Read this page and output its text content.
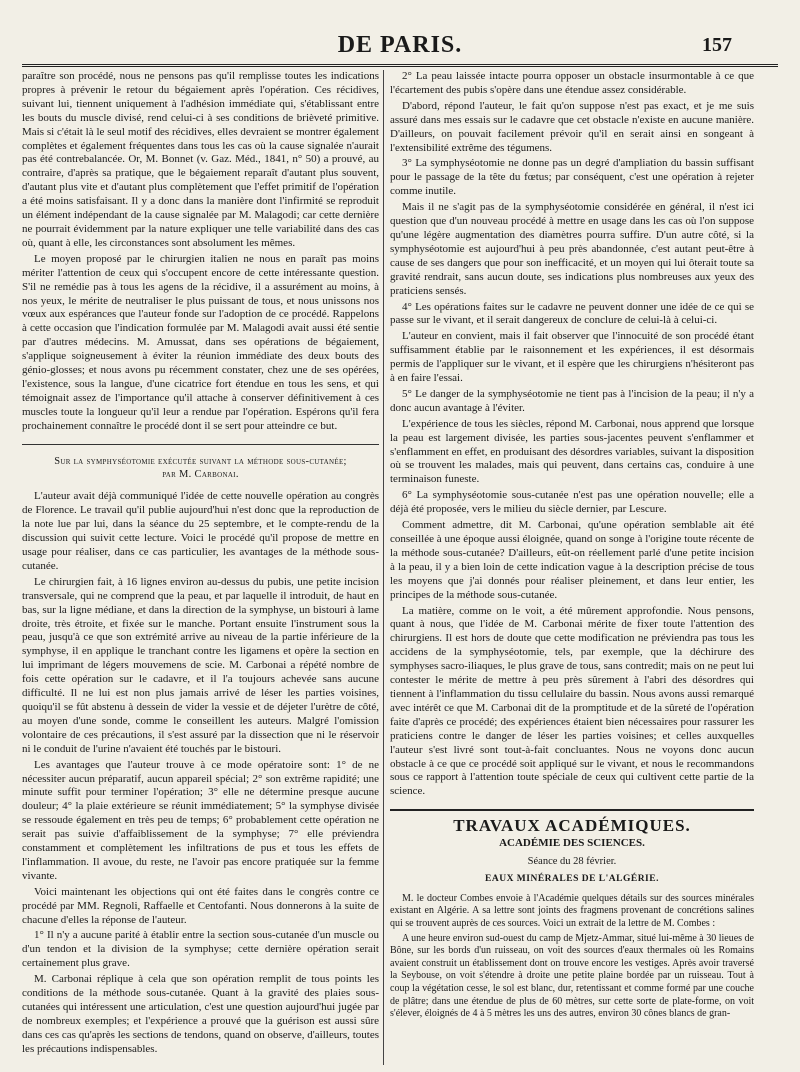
DE PARIS.	157

paraître son procédé, nous ne pensons pas qu'il remplisse toutes les indications propres à prévenir le retour du bégaiement après l'opération. Ces récidives, suivant lui, tiennent uniquement à l'adhésion immédiate qui, s'établissant entre les bouts du muscle divisé, rend celui-ci à ses conditions de brièveté primitive. Mais si c'était là le seul motif des récidives, elles devraient se montrer également complètes et également fréquentes dans tous les cas où la cause signalée n'aurait pas été contrebalancée. Or, M. Bonnet (v. Gaz. Méd., 1841, n° 50) a prouvé, au contraire, d'après sa pratique, que le bégaiement reparaît d'autant plus souvent, d'autant plus vite et d'autant plus complètement que l'effet primitif de l'opération a été moins satisfaisant. Il y a donc dans la manière dont l'infirmité se reproduit un élément indépendant de la cause signalée par M. Malagodi; car cette dernière ne pourrait évidemment par la nature expliquer une telle variabilité dans des cas où, quant à elle, les circonstances sont absolument les mêmes.

Le moyen proposé par le chirurgien italien ne nous en paraît pas moins mériter l'attention de ceux qui s'occupent encore de cette intéressante question. S'il ne remédie pas à tous les agens de la récidive, il a assurément au moins, à nos yeux, le mérite de neutraliser le plus puissant de tous, et nous unissons nos vœux aux espérances que l'auteur fonde sur l'adoption de ce procédé. Rappelons à cette occasion que l'indication formulée par M. Malagodi avait aussi été sentie par d'autres médecins. M. Amussat, dans ses opérations de bégaiement, s'applique soigneusement à éviter la réunion immédiate des deux bouts des génio-glosses; et nous avons pu récemment constater, chez une de ses opérées, l'existence, sous la langue, d'une cicatrice fort étendue en tous les sens, et qui témoignait assez de l'importance qu'il attache à conserver définitivement à ces muscles toute la longueur qu'il leur a rendue par l'opération. Espérons qu'il fera prochainement connaître le procédé dont il se sert pour atteindre ce but.

Sur la symphyséotomie exécutée suivant la méthode sous-cutanée;
par M. Carbonai.

L'auteur avait déjà communiqué l'idée de cette nouvelle opération au congrès de Florence. Le travail qu'il publie aujourd'hui n'est donc que la reproduction de la note lue par lui, dans la séance du 25 septembre, et le compte-rendu de la discussion qui suivit cette lecture. Voici le procédé qu'il propose de mettre en usage pour réaliser, dans ce cas particulier, les avantages de la méthode sous-cutanée.

Le chirurgien fait, à 16 lignes environ au-dessus du pubis, une petite incision transversale, qui ne comprend que la peau, et par laquelle il introduit, de haut en bas, sur la ligne médiane, et dans la direction de la symphyse, un bistouri à lame droite, très étroite, et fixée sur le manche. Portant ensuite l'instrument sous la peau, jusqu'à ce que son extrémité arrive au niveau de la partie inférieure de la symphyse, il en applique le tranchant contre les ligamens et opère la section en lui imprimant de légers mouvemens de scie. M. Carbonai a répété nombre de fois cette opération sur le cadavre, et il l'a toujours achevée sans aucune difficulté. Il ne lui est non plus jamais arrivé de léser les parties voisines, quoiqu'il se fût abstenu à dessein de vider la vessie et de déjeter l'urètre de côté, au moyen d'une sonde, comme le conseillent les auteurs. Malgré l'omission volontaire de ces précautions, il s'est assuré par la dissection que ni le réservoir ni le conduit de l'urine n'avaient été touchés par le bistouri.

Les avantages que l'auteur trouve à ce mode opératoire sont: 1° de ne nécessiter aucun préparatif, aucun appareil spécial; 2° son extrême rapidité; une minute suffit pour terminer l'opération; 3° elle ne détermine presque aucune douleur; 4° la plaie extérieure se réunit immédiatement; 5° la symphyse divisée se ressoude également en très peu de temps; 6° probablement cette opération ne serait pas suivie d'affaiblissement de la symphyse; 7° elle préviendra constamment et complètement les infiltrations de pus et tous les effets de l'inflammation. Il avoue, du reste, ne l'avoir pas encore pratiquée sur la femme vivante.

Voici maintenant les objections qui ont été faites dans le congrès contre ce procédé par MM. Regnoli, Raffaelle et Centofanti. Nous donnerons à la suite de chacune d'elles la réponse de l'auteur.

1° Il n'y a aucune parité à établir entre la section sous-cutanée d'un muscle ou d'un tendon et la division de la symphyse; cette dernière opération serait certainement plus grave.

M. Carbonai réplique à cela que son opération remplit de tous points les conditions de la méthode sous-cutanée. Quant à la gravité des plaies sous-cutanées qui intéressent une articulation, c'est une question aujourd'hui jugée par de nombreux exemples; et l'expérience a prouvé que la guérison est aussi sûre dans ces cas qu'après les sections de tendons, quand on observe, d'ailleurs, toutes les précautions indispensables.

2° La peau laissée intacte pourra opposer un obstacle insurmontable à ce que l'écartement des pubis s'opère dans une étendue assez considérable.

D'abord, répond l'auteur, le fait qu'on suppose n'est pas exact, et je me suis assuré dans mes essais sur le cadavre que cet obstacle n'existe en aucune manière. D'ailleurs, on pouvait facilement prévoir qu'il en serait ainsi en songeant à l'extensibilité extrême des tégumens.

3° La symphyséotomie ne donne pas un degré d'ampliation du bassin suffisant pour le passage de la tête du fœtus; par conséquent, c'est une opération à rejeter comme inutile.

Mais il ne s'agit pas de la symphyséotomie considérée en général, il n'est ici question que d'un nouveau procédé à mettre en usage dans les cas où l'on suppose qu'une légère augmentation des diamètres pourra suffire. D'un autre côté, si la symphyséotomie est aujourd'hui à peu près abandonnée, c'est autant peut-être à cause de ses dangers que pour son inefficacité, et un moyen qui lui ôterait toute sa gravité rendrait, sans aucun doute, ses indications plus nombreuses aux yeux des praticiens sensés.

4° Les opérations faites sur le cadavre ne peuvent donner une idée de ce qui se passe sur le vivant, et il serait dangereux de conclure de celui-là à celui-ci.

L'auteur en convient, mais il fait observer que l'innocuité de son procédé étant suffisamment établie par le raisonnement et les expériences, il est désormais permis de l'appliquer sur le vivant, et il espère que les chirurgiens n'hésiteront pas à en faire l'essai.

5° Le danger de la symphyséotomie ne tient pas à l'incision de la peau; il n'y a donc aucun avantage à l'éviter.

L'expérience de tous les siècles, répond M. Carbonai, nous apprend que lorsque la peau est largement divisée, les parties sous-jacentes peuvent s'enflammer et s'enflamment en effet, en produisant des désordres variables, suivant la disposition où se trouvent les malades, mais qui peuvent, dans certains cas, conduire à une terminaison funeste.

6° La symphyséotomie sous-cutanée n'est pas une opération nouvelle; elle a déjà été proposée, vers le milieu du siècle dernier, par Lescure.

Comment admettre, dit M. Carbonai, qu'une opération semblable ait été conseillée à une époque aussi éloignée, quand on songe à l'origine toute récente de la méthode sous-cutanée? D'ailleurs, eût-on réellement parlé d'une petite incision à la peau, il y a bien loin de cette indication vague à la description précise de tous les moyens que j'ai donnés pour réaliser pleinement, et dans leur entier, les principes de la méthode sous-cutanée.

La matière, comme on le voit, a été mûrement approfondie. Nous pensons, quant à nous, que l'idée de M. Carbonai mérite de fixer toute l'attention des chirurgiens. Il est hors de doute que cette modification ne préviendra pas tous les accidens de la symphyséotomie, tels, par exemple, que la déchirure des symphyses sacro-iliaques, le plus grave de tous, sans contredit; mais on ne peut lui contester le mérite de mettre à peu près sûrement à l'abri des désordres qui tiennent à l'inflammation du tissu cellulaire du bassin. Nous avons aussi remarqué avec intérêt ce que M. Carbonai dit de la promptitude et de la sûreté de l'opération faite d'après ce procédé; des expériences étaient bien nécessaires pour rassurer les praticiens contre le danger de léser les parties voisines; et celles auxquelles l'auteur s'est livré sont tout-à-fait concluantes. Nous ne voyons donc aucun obstacle à ce que ce procédé soit appliqué sur le vivant, et nous le recommandons sous ce rapport à l'attention toute spéciale de ceux qui cultivent cette partie de la science.

TRAVAUX ACADÉMIQUES.

ACADÉMIE DES SCIENCES.

Séance du 28 février.

EAUX MINÉRALES DE L'ALGÉRIE.

M. le docteur Combes envoie à l'Académie quelques détails sur des sources minérales existant en Algérie. A sa lettre sont joints des fragmens provenant de concrétions salines qui se trouvent auprès de ces sources. Voici un extrait de la lettre de M. Combes :

A une heure environ sud-ouest du camp de Mjetz-Ammar, situé lui-même à 30 lieues de Bône, sur les bords d'un ruisseau, on voit des sources d'eaux thermales où les Romains avaient construit un établissement dont on trouve encore les vestiges. Après avoir traversé la Seybouse, on voit s'étendre à droite une petite plaine bordée par un ruisseau. Tout à coup la végétation cesse, le sol est blanc, dur, retentissant et comme formé par une couche de plâtre; dans une étendue de plus de 60 mètres, sur cette sorte de plate-forme, on voit s'élever, éloignés de 4 à 5 mètres les uns des autres, environ 30 cônes blancs de gran-
